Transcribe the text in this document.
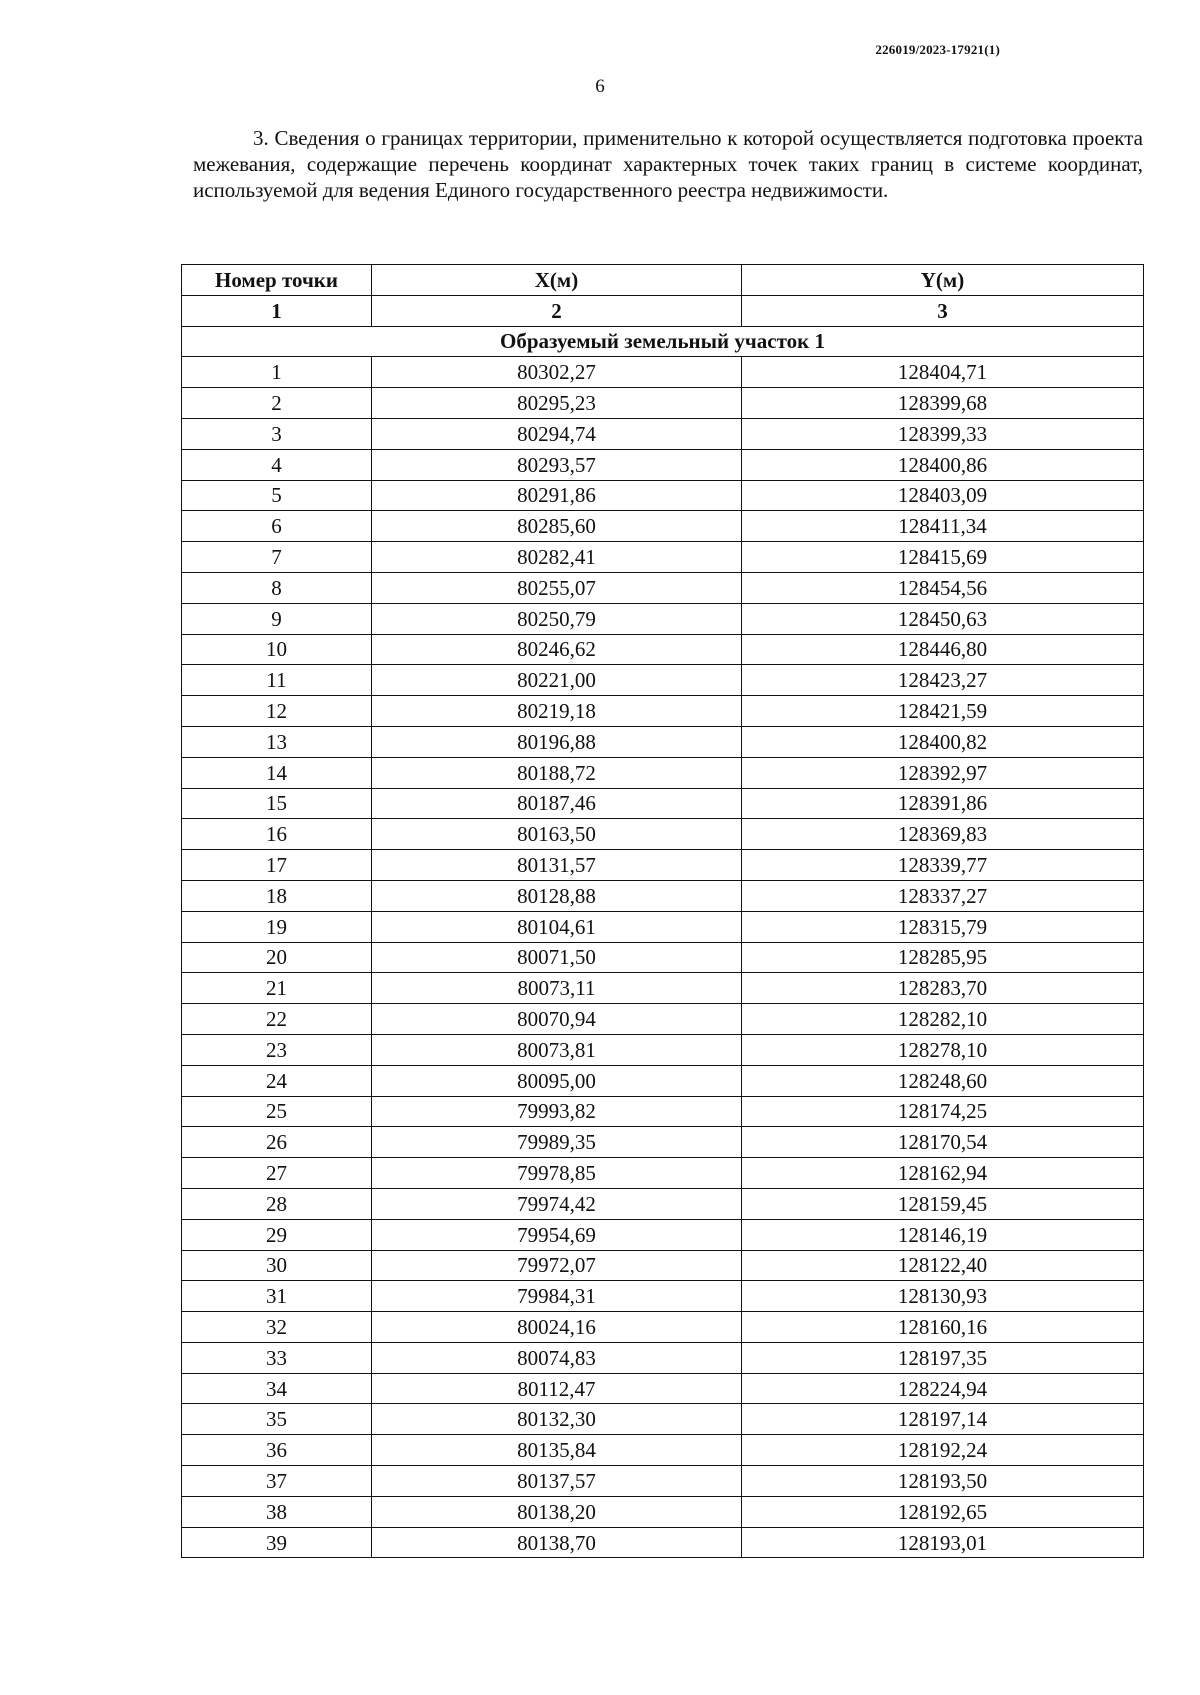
226019/2023-17921(1)
6

3. Сведения о границах территории, применительно к которой осуществляется подготовка проекта межевания, содержащие перечень координат характерных точек таких границ в системе координат, используемой для ведения Единого государственного реестра недвижимости.

Номер точки	X(м)	Y(м)
1	2	3
Образуемый земельный участок 1		
1	80302,27	128404,71
2	80295,23	128399,68
3	80294,74	128399,33
4	80293,57	128400,86
5	80291,86	128403,09
6	80285,60	128411,34
7	80282,41	128415,69
8	80255,07	128454,56
9	80250,79	128450,63
10	80246,62	128446,80
11	80221,00	128423,27
12	80219,18	128421,59
13	80196,88	128400,82
14	80188,72	128392,97
15	80187,46	128391,86
16	80163,50	128369,83
17	80131,57	128339,77
18	80128,88	128337,27
19	80104,61	128315,79
20	80071,50	128285,95
21	80073,11	128283,70
22	80070,94	128282,10
23	80073,81	128278,10
24	80095,00	128248,60
25	79993,82	128174,25
26	79989,35	128170,54
27	79978,85	128162,94
28	79974,42	128159,45
29	79954,69	128146,19
30	79972,07	128122,40
31	79984,31	128130,93
32	80024,16	128160,16
33	80074,83	128197,35
34	80112,47	128224,94
35	80132,30	128197,14
36	80135,84	128192,24
37	80137,57	128193,50
38	80138,20	128192,65
39	80138,70	128193,01
